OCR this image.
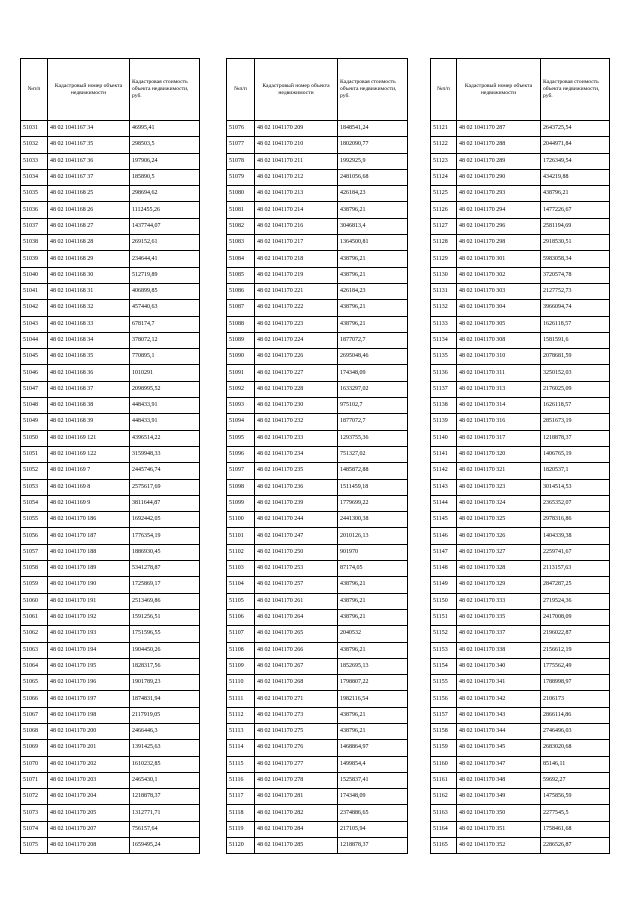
№п/п	Кадастровый номер объекта недвижимости	Кадастровая стоимость объекта недвижимости, руб.
51031	48 02 1041167 34	46995,41
51032	48 02 1041167 35	298503,5
51033	48 02 1041167 36	197906,24
51034	48 02 1041167 37	185890,5
51035	48 02 1041168 25	298694,62
51036	48 02 1041168 26	1112455,26
51037	48 02 1041168 27	1437744,07
51038	48 02 1041168 28	269152,61
51039	48 02 1041168 29	234644,41
51040	48 02 1041168 30	512719,89
51041	48 02 1041168 31	406899,85
51042	48 02 1041168 32	457440,63
51043	48 02 1041168 33	678174,7
51044	48 02 1041168 34	378072,12
51045	48 02 1041168 35	770895,1
51046	48 02 1041168 36	1010291
51047	48 02 1041168 37	2098995,52
51048	48 02 1041168 38	448433,91
51049	48 02 1041168 39	448433,91
51050	48 02 1041169 121	4396514,22
51051	48 02 1041169 122	3159948,33
51052	48 02 1041169 7	2445746,74
51053	48 02 1041169 8	2575617,69
51054	48 02 1041169 9	3811644,87
51055	48 02 1041170 186	1692442,05
51056	48 02 1041170 187	1776354,19
51057	48 02 1041170 188	1886930,45
51058	48 02 1041170 189	5341278,87
51059	48 02 1041170 190	1725869,17
51060	48 02 1041170 191	2513469,86
51061	48 02 1041170 192	1591256,51
51062	48 02 1041170 193	1751596,55
51063	48 02 1041170 194	1904450,26
51064	48 02 1041170 195	1828317,56
51065	48 02 1041170 196	1901789,23
51066	48 02 1041170 197	1874831,94
51067	48 02 1041170 198	2117919,05
51068	48 02 1041170 200	2466446,3
51069	48 02 1041170 201	1391425,63
51070	48 02 1041170 202	1610232,85
51071	48 02 1041170 203	2465430,1
51072	48 02 1041170 204	1218878,37
51073	48 02 1041170 205	1312771,71
51074	48 02 1041170 207	756157,64
51075	48 02 1041170 208	1659495,24
№п/п	Кадастровый номер объекта недвижимости	Кадастровая стоимость объекта недвижимости, руб.
51076	48 02 1041170 209	1848541,24
51077	48 02 1041170 210	1802090,77
51078	48 02 1041170 211	1992925,9
51079	48 02 1041170 212	2481056,68
51080	48 02 1041170 213	426184,23
51081	48 02 1041170 214	438796,21
51082	48 02 1041170 216	3046813,4
51083	48 02 1041170 217	1364500,81
51084	48 02 1041170 218	438796,21
51085	48 02 1041170 219	438796,21
51086	48 02 1041170 221	426184,23
51087	48 02 1041170 222	438796,21
51088	48 02 1041170 223	438796,21
51089	48 02 1041170 224	1877072,7
51090	48 02 1041170 226	2695048,46
51091	48 02 1041170 227	174348,09
51092	48 02 1041170 228	1633297,02
51093	48 02 1041170 230	975102,7
51094	48 02 1041170 232	1877072,7
51095	48 02 1041170 233	1293755,36
51096	48 02 1041170 234	751327,02
51097	48 02 1041170 235	1485872,88
51098	48 02 1041170 236	1511459,18
51099	48 02 1041170 239	1779699,22
51100	48 02 1041170 244	2441300,38
51101	48 02 1041170 247	2010126,13
51102	48 02 1041170 250	901970
51103	48 02 1041170 253	87174,05
51104	48 02 1041170 257	438796,21
51105	48 02 1041170 261	438796,21
51106	48 02 1041170 264	438796,21
51107	48 02 1041170 265	2040532
51108	48 02 1041170 266	438796,21
51109	48 02 1041170 267	1852695,13
51110	48 02 1041170 268	1798807,22
51111	48 02 1041170 271	1982116,54
51112	48 02 1041170 273	438796,21
51113	48 02 1041170 275	438796,21
51114	48 02 1041170 276	1468864,97
51115	48 02 1041170 277	1499854,4
51116	48 02 1041170 278	1525837,41
51117	48 02 1041170 281	174348,09
51118	48 02 1041170 282	2374886,65
51119	48 02 1041170 284	217105,94
51120	48 02 1041170 285	1218878,37
№п/п	Кадастровый номер объекта недвижимости	Кадастровая стоимость объекта недвижимости, руб.
51121	48 02 1041170 287	2643725,54
51122	48 02 1041170 288	2044971,84
51123	48 02 1041170 289	1726349,54
51124	48 02 1041170 290	434219,88
51125	48 02 1041170 293	438796,21
51126	48 02 1041170 294	1477226,67
51127	48 02 1041170 296	2581194,69
51128	48 02 1041170 298	2918530,51
51129	48 02 1041170 301	5983058,34
51130	48 02 1041170 302	3720574,78
51131	48 02 1041170 303	2127752,73
51132	48 02 1041170 304	3966094,74
51133	48 02 1041170 305	1626118,57
51134	48 02 1041170 308	1581591,6
51135	48 02 1041170 310	2078681,59
51136	48 02 1041170 311	3250152,03
51137	48 02 1041170 313	2176025,09
51138	48 02 1041170 314	1626118,57
51139	48 02 1041170 316	2851673,19
51140	48 02 1041170 317	1218878,37
51141	48 02 1041170 320	1406765,19
51142	48 02 1041170 321	1820537,1
51143	48 02 1041170 323	3014514,53
51144	48 02 1041170 324	2365352,07
51145	48 02 1041170 325	2978316,86
51146	48 02 1041170 326	1404339,38
51147	48 02 1041170 327	2259741,67
51148	48 02 1041170 328	2113157,63
51149	48 02 1041170 329	2847287,25
51150	48 02 1041170 333	2719524,36
51151	48 02 1041170 335	2417008,09
51152	48 02 1041170 337	2196022,87
51153	48 02 1041170 338	2156612,19
51154	48 02 1041170 340	1775562,49
51155	48 02 1041170 341	1788998,97
51156	48 02 1041170 342	2106173
51157	48 02 1041170 343	2866114,86
51158	48 02 1041170 344	2746496,03
51159	48 02 1041170 345	2683020,68
51160	48 02 1041170 347	85146,11
51161	48 02 1041170 348	59692,27
51162	48 02 1041170 349	1475856,59
51163	48 02 1041170 350	2277545,5
51164	48 02 1041170 351	1758461,68
51165	48 02 1041170 352	2286526,87
